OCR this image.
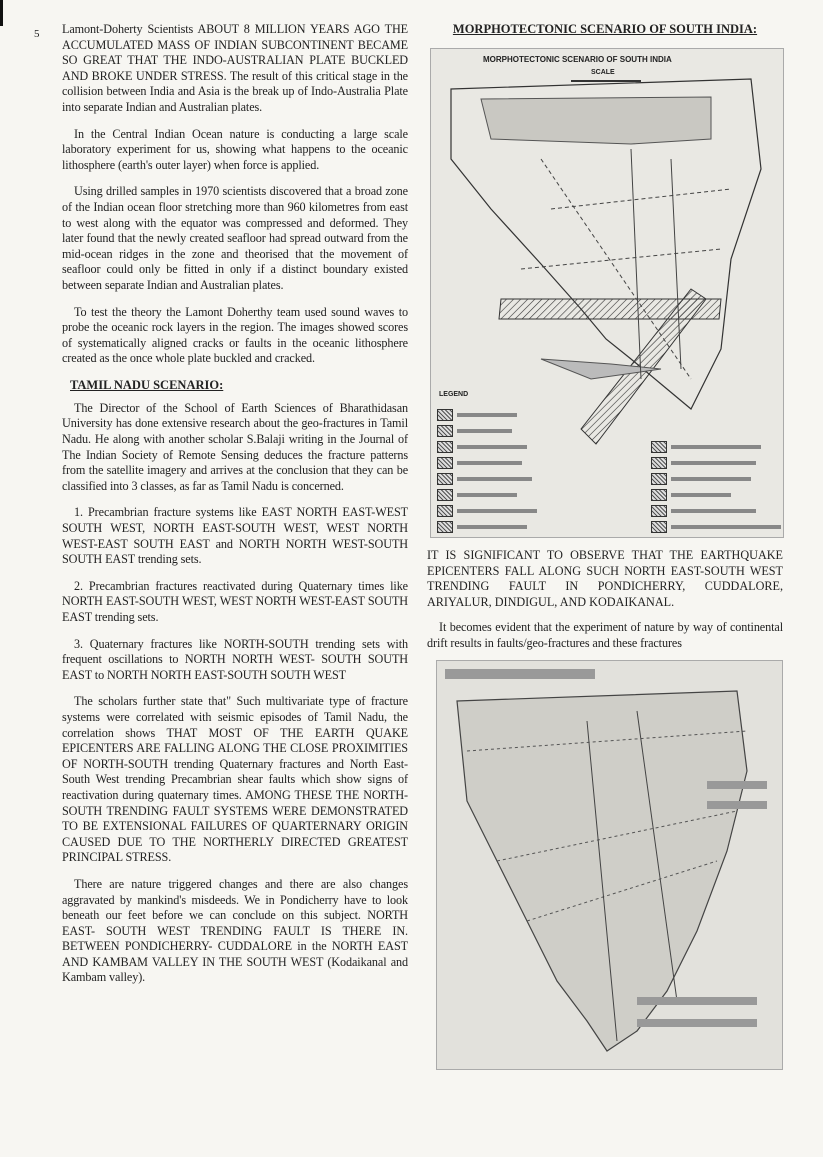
5 Lamont-Doherty Scientists ABOUT 8 MILLION YEARS AGO THE ACCUMULATED MASS OF INDIAN SUBCONTINENT BECAME SO GREAT THAT THE INDO-AUSTRALIAN PLATE BUCKLED AND BROKE UNDER STRESS. The result of this critical stage in the collision between India and Asia is the break up of Indo-Australia Plate into separate Indian and Australian plates.

In the Central Indian Ocean nature is conducting a large scale laboratory experiment for us, showing what happens to the oceanic lithosphere (earth's outer layer) when force is applied.

Using drilled samples in 1970 scientists discovered that a broad zone of the Indian ocean floor stretching more than 960 kilometres from east to west along with the equator was compressed and deformed. They later found that the newly created seafloor had spread outward from the mid-ocean ridges in the zone and theorised that the movement of seafloor could only be fitted in only if a distinct boundary existed between separate Indian and Australian plates.

To test the theory the Lamont Doherthy team used sound waves to probe the oceanic rock layers in the region. The images showed scores of systematically aligned cracks or faults in the oceanic lithosphere created as the once whole plate buckled and cracked.

TAMIL NADU SCENARIO:

The Director of the School of Earth Sciences of Bharathidasan University has done extensive research about the geo-fractures in Tamil Nadu. He along with another scholar S.Balaji writing in the Journal of The Indian Society of Remote Sensing deduces the fracture patterns from the satellite imagery and arrives at the conclusion that they can be classified into 3 classes, as far as Tamil Nadu is concerned.

1. Precambrian fracture systems like EAST NORTH EAST-WEST SOUTH WEST, NORTH EAST-SOUTH WEST, WEST NORTH WEST-EAST SOUTH EAST and NORTH NORTH WEST-SOUTH SOUTH EAST trending sets.

2. Precambrian fractures reactivated during Quaternary times like NORTH EAST-SOUTH WEST, WEST NORTH WEST-EAST SOUTH EAST trending sets.

3. Quaternary fractures like NORTH-SOUTH trending sets with frequent oscillations to NORTH NORTH WEST- SOUTH SOUTH EAST to NORTH NORTH EAST-SOUTH SOUTH WEST

The scholars further state that" Such multivariate type of fracture systems were correlated with seismic episodes of Tamil Nadu, the correlation shows THAT MOST OF THE EARTH QUAKE EPICENTERS ARE FALLING ALONG THE CLOSE PROXIMITIES OF NORTH-SOUTH trending Quaternary fractures and North East-South West trending Precambrian shear faults which show signs of reactivation during quaternary times. AMONG THESE THE NORTH-SOUTH TRENDING FAULT SYSTEMS WERE DEMONSTRATED TO BE EXTENSIONAL FAILURES OF QUARTERNARY ORIGIN CAUSED DUE TO THE NORTHERLY DIRECTED GREATEST PRINCIPAL STRESS.

There are nature triggered changes and there are also changes aggravated by mankind's misdeeds. We in Pondicherry have to look beneath our feet before we can conclude on this subject. NORTH EAST- SOUTH WEST TRENDING FAULT IS THERE IN. BETWEEN PONDICHERRY- CUDDALORE in the NORTH EAST AND KAMBAM VALLEY IN THE SOUTH WEST (Kodaikanal and Kambam valley).

MORPHOTECTONIC SCENARIO OF SOUTH INDIA:
MORPHOTECTONIC SCENARIO OF SOUTH INDIA
SCALE
LEGEND
IT IS SIGNIFICANT TO OBSERVE THAT THE EARTHQUAKE EPICENTERS FALL ALONG SUCH NORTH EAST-SOUTH WEST TRENDING FAULT IN PONDICHERRY, CUDDALORE, ARIYALUR, DINDIGUL, AND KODAIKANAL.

It becomes evident that the experiment of nature by way of continental drift results in faults/geo-fractures and these fractures
